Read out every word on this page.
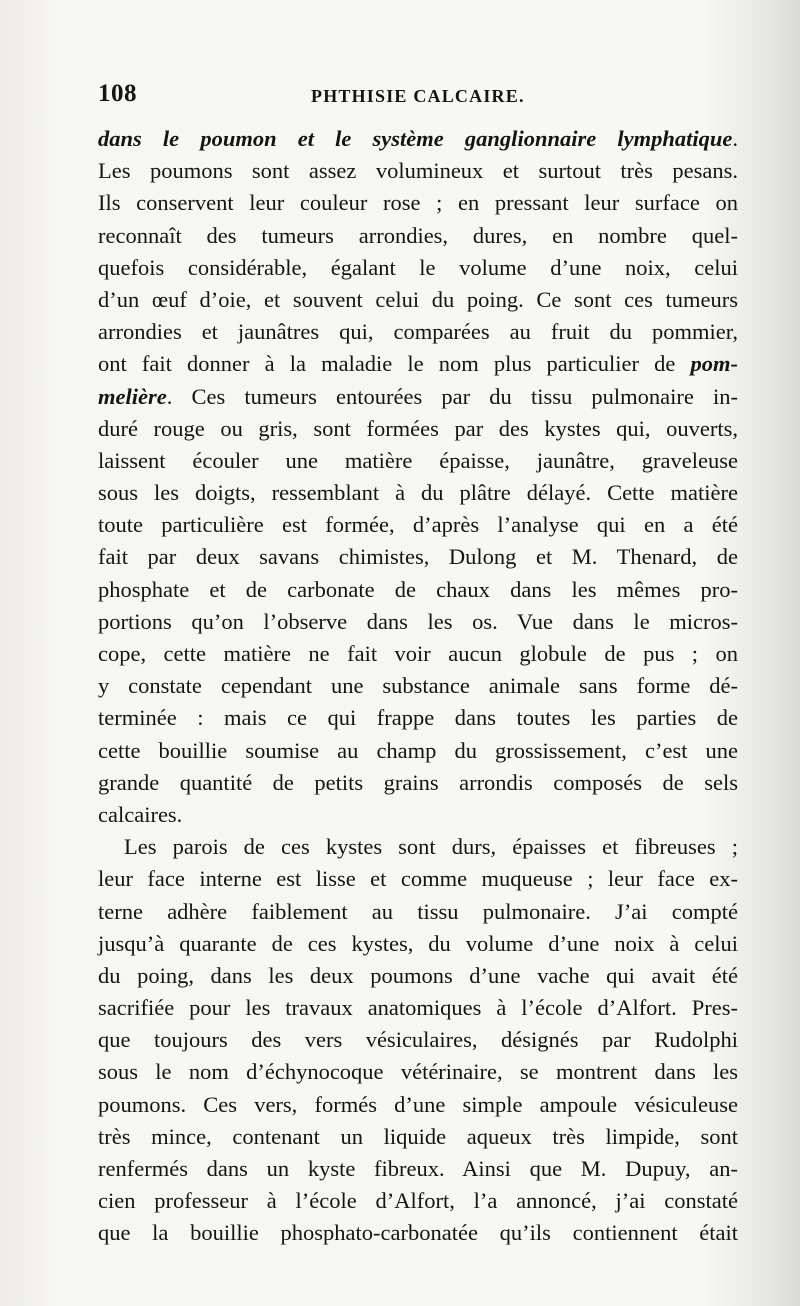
108	PHTHISIE CALCAIRE.
dans le poumon et le système ganglionnaire lymphatique.
Les poumons sont assez volumineux et surtout très pesans.
Ils conservent leur couleur rose ; en pressant leur surface on
reconnaît des tumeurs arrondies, dures, en nombre quel-
quefois considérable, égalant le volume d’une noix, celui
d’un œuf d’oie, et souvent celui du poing. Ce sont ces tumeurs
arrondies et jaunâtres qui, comparées au fruit du pommier,
ont fait donner à la maladie le nom plus particulier de pom-
melière. Ces tumeurs entourées par du tissu pulmonaire in-
duré rouge ou gris, sont formées par des kystes qui, ouverts,
laissent écouler une matière épaisse, jaunâtre, graveleuse
sous les doigts, ressemblant à du plâtre délayé. Cette matière
toute particulière est formée, d’après l’analyse qui en a été
fait par deux savans chimistes, Dulong et M. Thenard, de
phosphate et de carbonate de chaux dans les mêmes pro-
portions qu’on l’observe dans les os. Vue dans le micros-
cope, cette matière ne fait voir aucun globule de pus ; on
y constate cependant une substance animale sans forme dé-
terminée : mais ce qui frappe dans toutes les parties de
cette bouillie soumise au champ du grossissement, c’est une
grande quantité de petits grains arrondis composés de sels
calcaires.
Les parois de ces kystes sont durs, épaisses et fibreuses ;
leur face interne est lisse et comme muqueuse ; leur face ex-
terne adhère faiblement au tissu pulmonaire. J’ai compté
jusqu’à quarante de ces kystes, du volume d’une noix à celui
du poing, dans les deux poumons d’une vache qui avait été
sacrifiée pour les travaux anatomiques à l’école d’Alfort. Pres-
que toujours des vers vésiculaires, désignés par Rudolphi
sous le nom d’échynocoque vétérinaire, se montrent dans les
poumons. Ces vers, formés d’une simple ampoule vésiculeuse
très mince, contenant un liquide aqueux très limpide, sont
renfermés dans un kyste fibreux. Ainsi que M. Dupuy, an-
cien professeur à l’école d’Alfort, l’a annoncé, j’ai constaté
que la bouillie phosphato-carbonatée qu’ils contiennent était
